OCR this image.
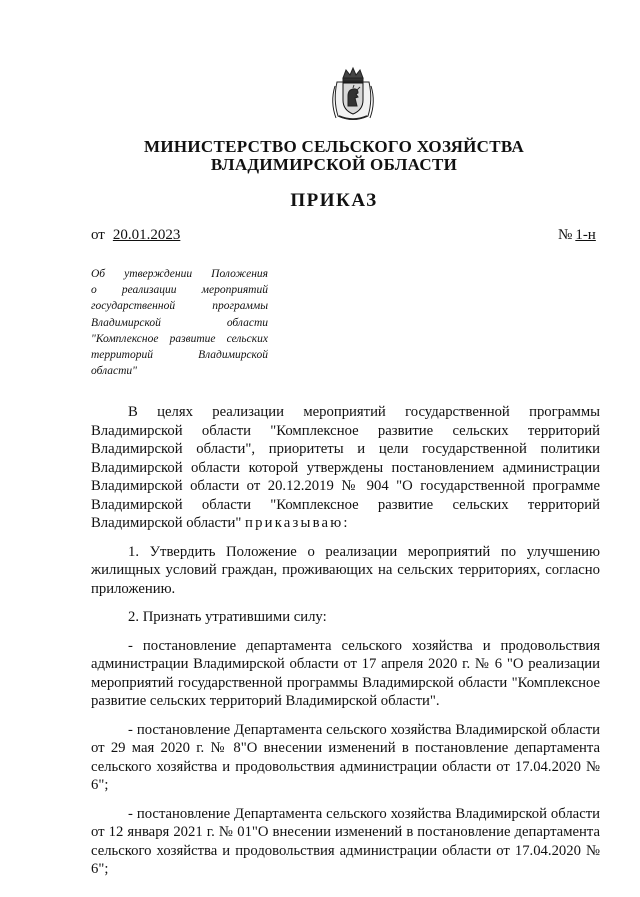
МИНИСТЕРСТВО СЕЛЬСКОГО ХОЗЯЙСТВА
ВЛАДИМИРСКОЙ ОБЛАСТИ
ПРИКАЗ
от 20.01.2023	№ 1-н
Об утверждении Положения
о реализации мероприятий
государственной программы
Владимирской области
"Комплексное развитие сельских
территорий Владимирской
области"

В целях реализации мероприятий государственной программы Владимирской области "Комплексное развитие сельских территорий Владимирской области", приоритеты и цели государственной политики Владимирской области которой утверждены постановлением администрации Владимирской области от 20.12.2019 № 904 "О государственной программе Владимирской области "Комплексное развитие сельских территорий Владимирской области" приказываю:

1. Утвердить Положение о реализации мероприятий по улучшению жилищных условий граждан, проживающих на сельских территориях, согласно приложению.

2. Признать утратившими силу:

- постановление департамента сельского хозяйства и продовольствия администрации Владимирской области от 17 апреля 2020 г. № 6 "О реализации мероприятий государственной программы Владимирской области "Комплексное развитие сельских территорий Владимирской области".

- постановление Департамента сельского хозяйства Владимирской области от 29 мая 2020 г. № 8"О внесении изменений в постановление департамента сельского хозяйства и продовольствия администрации области от 17.04.2020 № 6";

- постановление Департамента сельского хозяйства Владимирской области от 12 января 2021 г. № 01"О внесении изменений в постановление департамента сельского хозяйства и продовольствия администрации области от 17.04.2020 № 6";
